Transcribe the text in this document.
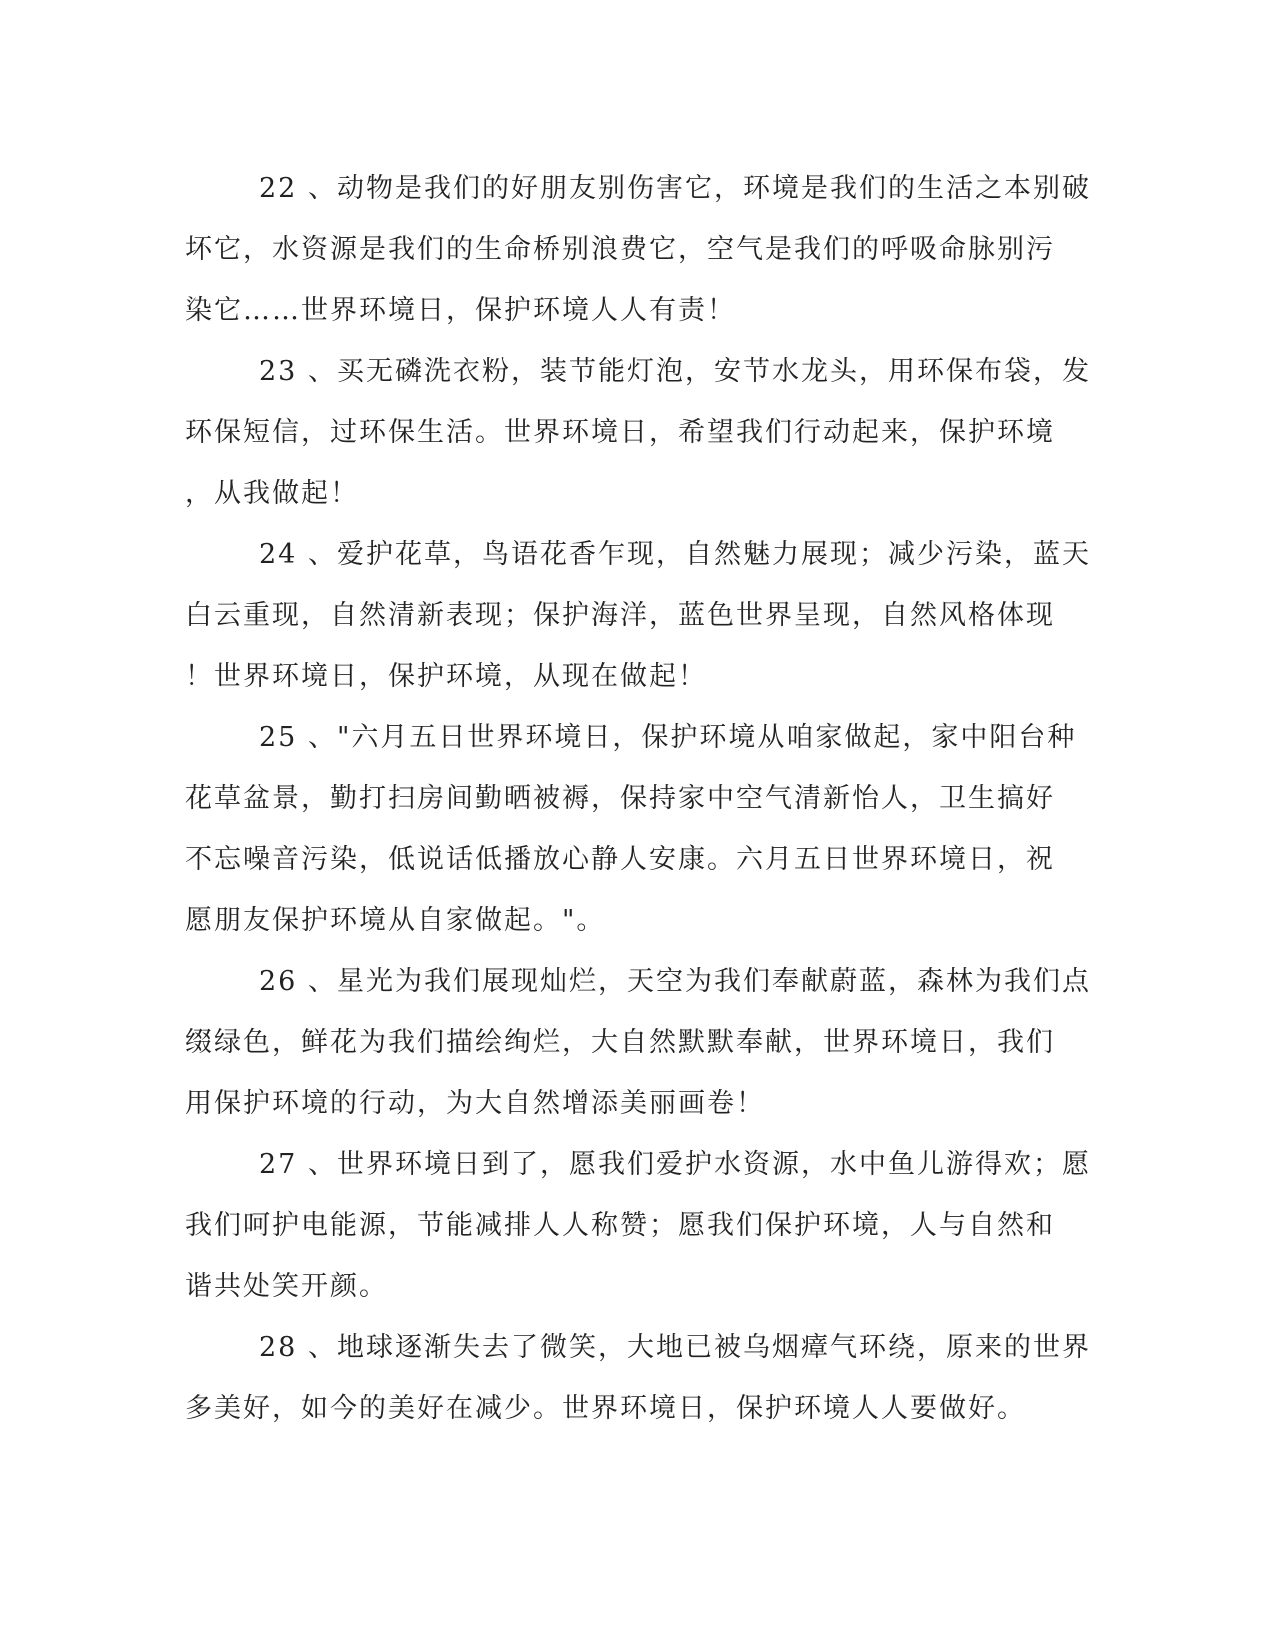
22 、动物是我们的好朋友别伤害它，环境是我们的生活之本别破
坏它，水资源是我们的生命桥别浪费它，空气是我们的呼吸命脉别污
染它……世界环境日，保护环境人人有责！

23 、买无磷洗衣粉，装节能灯泡，安节水龙头，用环保布袋，发
环保短信，过环保生活。世界环境日，希望我们行动起来，保护环境
，从我做起！

24 、爱护花草，鸟语花香乍现，自然魅力展现；减少污染，蓝天
白云重现，自然清新表现；保护海洋，蓝色世界呈现，自然风格体现
！世界环境日，保护环境，从现在做起！

25 、"六月五日世界环境日，保护环境从咱家做起，家中阳台种
花草盆景，勤打扫房间勤晒被褥，保持家中空气清新怡人，卫生搞好
不忘噪音污染，低说话低播放心静人安康。六月五日世界环境日，祝
愿朋友保护环境从自家做起。"。

26 、星光为我们展现灿烂，天空为我们奉献蔚蓝，森林为我们点
缀绿色，鲜花为我们描绘绚烂，大自然默默奉献，世界环境日，我们
用保护环境的行动，为大自然增添美丽画卷！

27 、世界环境日到了，愿我们爱护水资源，水中鱼儿游得欢；愿
我们呵护电能源，节能减排人人称赞；愿我们保护环境，人与自然和
谐共处笑开颜。

28 、地球逐渐失去了微笑，大地已被乌烟瘴气环绕，原来的世界
多美好，如今的美好在减少。世界环境日，保护环境人人要做好。
